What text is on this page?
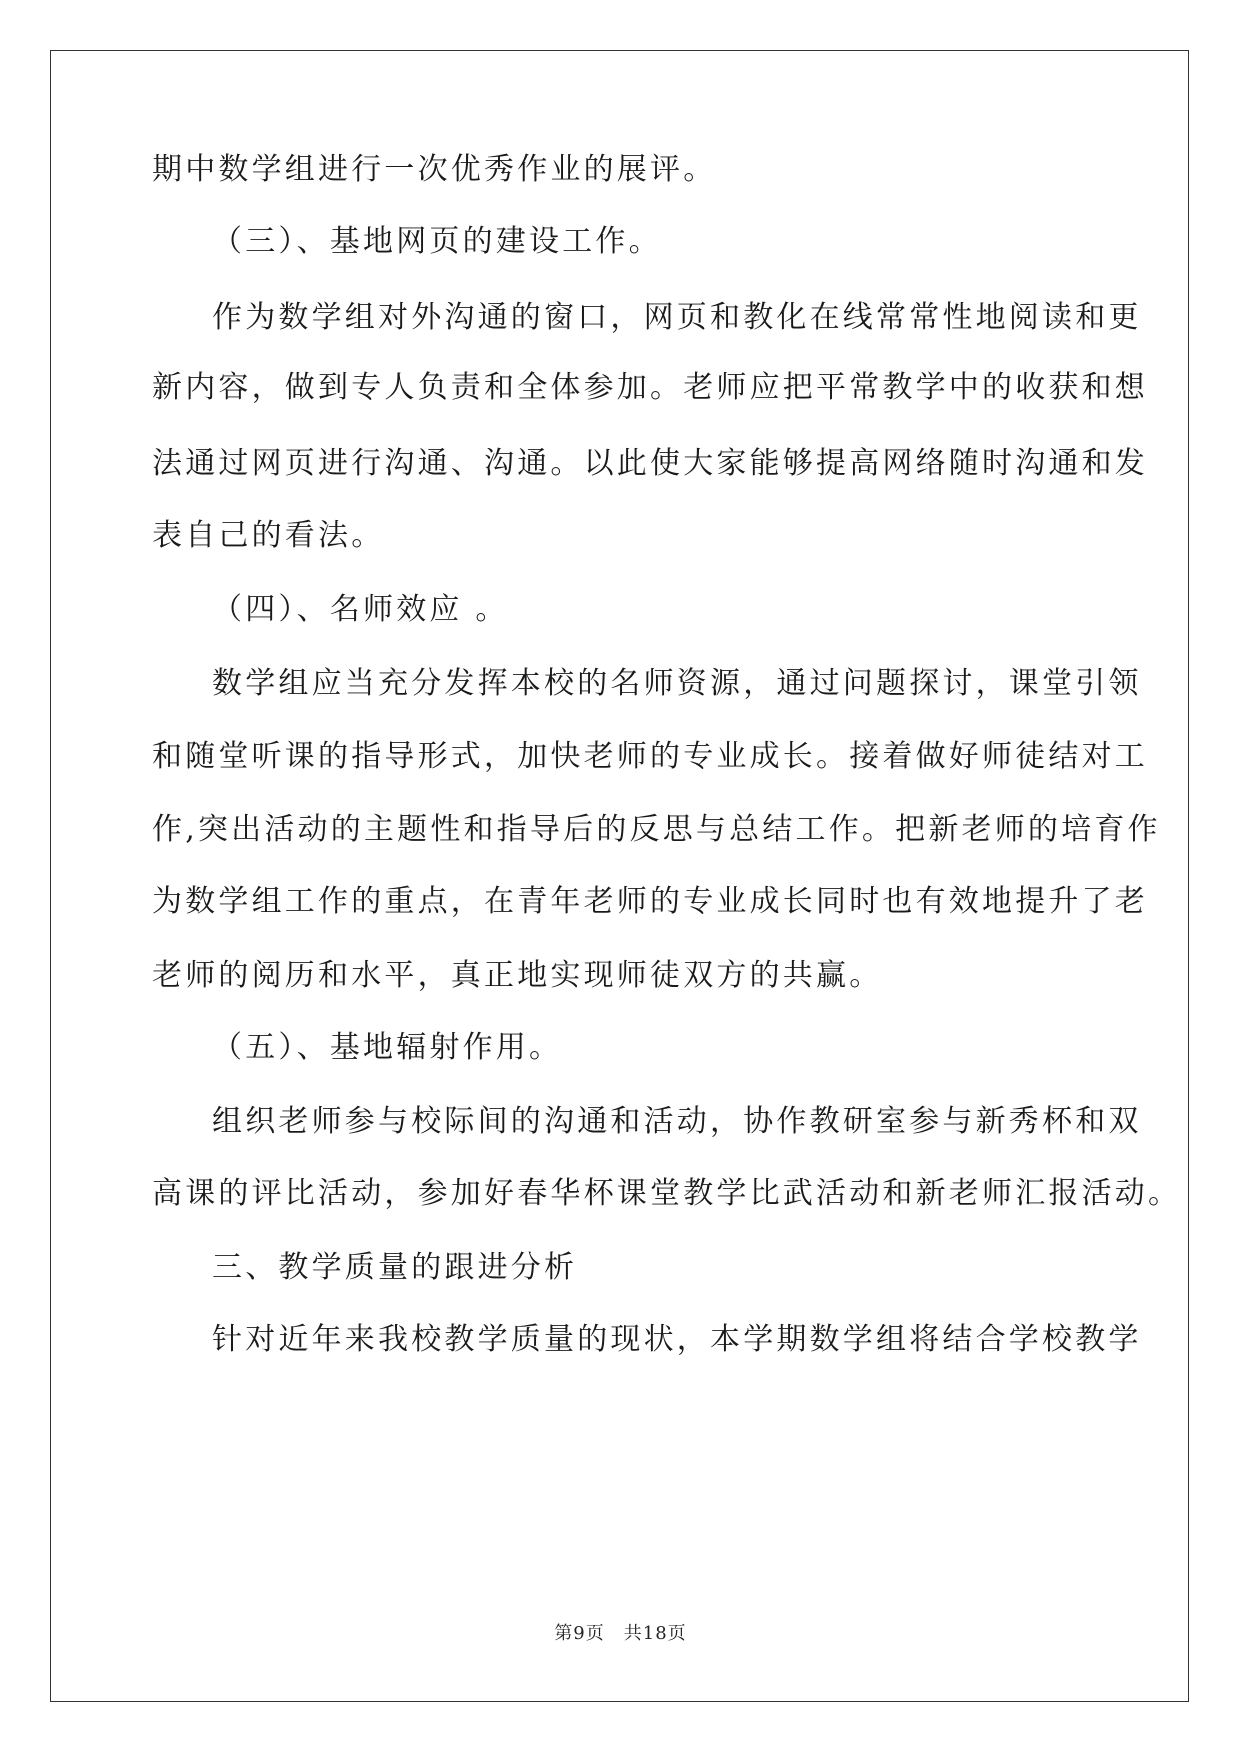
期中数学组进行一次优秀作业的展评。
（三）、基地网页的建设工作。
作为数学组对外沟通的窗口，网页和教化在线常常性地阅读和更
新内容，做到专人负责和全体参加。老师应把平常教学中的收获和想
法通过网页进行沟通、沟通。以此使大家能够提高网络随时沟通和发
表自己的看法。
（四）、名师效应 。
数学组应当充分发挥本校的名师资源，通过问题探讨，课堂引领
和随堂听课的指导形式，加快老师的专业成长。接着做好师徒结对工
作,突出活动的主题性和指导后的反思与总结工作。把新老师的培育作
为数学组工作的重点，在青年老师的专业成长同时也有效地提升了老
老师的阅历和水平，真正地实现师徒双方的共赢。
（五）、基地辐射作用。
组织老师参与校际间的沟通和活动，协作教研室参与新秀杯和双
高课的评比活动，参加好春华杯课堂教学比武活动和新老师汇报活动。
三、教学质量的跟进分析
针对近年来我校教学质量的现状，本学期数学组将结合学校教学
第9页　共18页
